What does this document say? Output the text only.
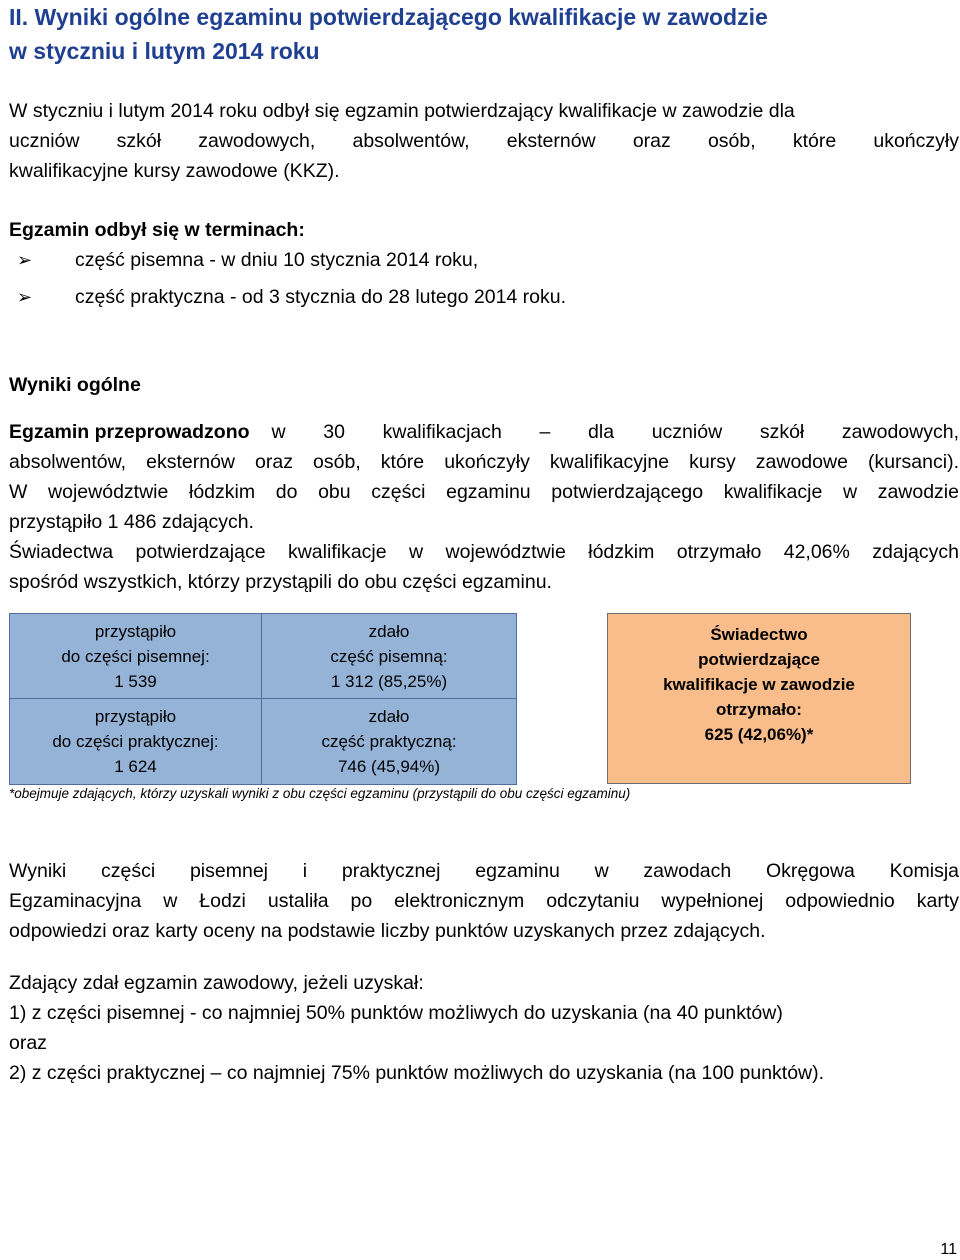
II. Wyniki ogólne egzaminu potwierdzającego kwalifikacje w zawodzie
w styczniu i lutym 2014 roku
W styczniu i lutym 2014 roku odbył się egzamin potwierdzający kwalifikacje w zawodzie dla
uczniów szkół zawodowych, absolwentów, eksternów oraz osób, które ukończyły
kwalifikacyjne kursy zawodowe (KKZ).
Egzamin odbył się w terminach:
➢ część pisemna - w dniu 10 stycznia 2014 roku,
➢ część praktyczna - od 3 stycznia do 28 lutego 2014 roku.
Wyniki ogólne
Egzamin przeprowadzono w 30 kwalifikacjach – dla uczniów szkół zawodowych,
absolwentów, eksternów oraz osób, które ukończyły kwalifikacyjne kursy zawodowe (kursanci).
W województwie łódzkim do obu części egzaminu potwierdzającego kwalifikacje w zawodzie
przystąpiło 1 486 zdających.
Świadectwa potwierdzające kwalifikacje w województwie łódzkim otrzymało 42,06% zdających
spośród wszystkich, którzy przystąpili do obu części egzaminu.
przystąpiło
do części pisemnej:
1 539
zdało
część pisemną:
1 312 (85,25%)
przystąpiło
do części praktycznej:
1 624
zdało
część praktyczną:
746 (45,94%)
Świadectwo
potwierdzające
kwalifikacje w zawodzie
otrzymało:
625 (42,06%)*
*obejmuje zdających, którzy uzyskali wyniki z obu części egzaminu (przystąpili do obu części egzaminu)
Wyniki części pisemnej i praktycznej egzaminu w zawodach Okręgowa Komisja
Egzaminacyjna w Łodzi ustaliła po elektronicznym odczytaniu wypełnionej odpowiednio karty
odpowiedzi oraz karty oceny na podstawie liczby punktów uzyskanych przez zdających.
Zdający zdał egzamin zawodowy, jeżeli uzyskał:
1) z części pisemnej - co najmniej 50% punktów możliwych do uzyskania (na 40 punktów)
oraz
2) z części praktycznej – co najmniej 75% punktów możliwych do uzyskania (na 100 punktów).
11
